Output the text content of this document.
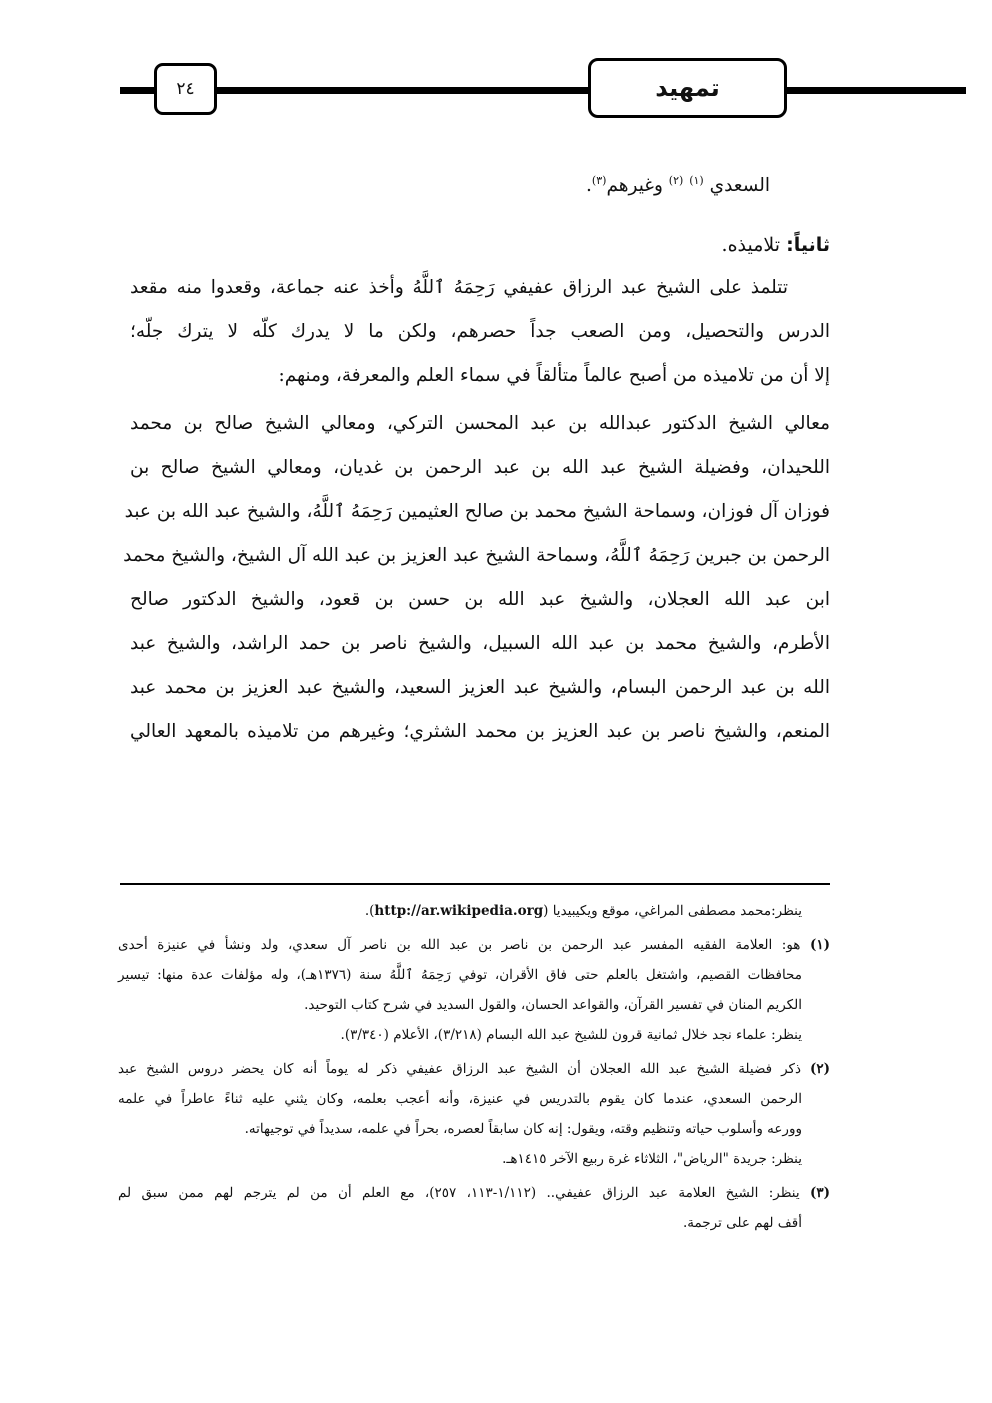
٢٤	تمهيد
السعدي $^{(١)}$ $^{(٢)}$ وغيرهم$^{(٣)}$.
ثانياً: تلاميذه.
تتلمذ على الشيخ عبد الرزاق عفيفي رَحِمَهُ ٱللَّهُ وأخذ عنه جماعة، وقعدوا منه مقعد
الدرس والتحصيل، ومن الصعب جداً حصرهم، ولكن ما لا يدرك كلّه لا يترك جلّه؛
إلا أن من تلاميذه من أصبح عالماً متألقاً في سماء العلم والمعرفة، ومنهم:
معالي الشيخ الدكتور عبدالله بن عبد المحسن التركي، ومعالي الشيخ صالح بن محمد
اللحيدان، وفضيلة الشيخ عبد الله بن عبد الرحمن بن غديان، ومعالي الشيخ صالح بن
فوزان آل فوزان، وسماحة الشيخ محمد بن صالح العثيمين رَحِمَهُ ٱللَّهُ، والشيخ عبد الله بن عبد
الرحمن بن جبرين رَحِمَهُ ٱللَّهُ، وسماحة الشيخ عبد العزيز بن عبد الله آل الشيخ، والشيخ محمد
ابن عبد الله العجلان، والشيخ عبد الله بن حسن بن قعود، والشيخ الدكتور صالح
الأطرم، والشيخ محمد بن عبد الله السبيل، والشيخ ناصر بن حمد الراشد، والشيخ عبد
الله بن عبد الرحمن البسام، والشيخ عبد العزيز السعيد، والشيخ عبد العزيز بن محمد عبد
المنعم، والشيخ ناصر بن عبد العزيز بن محمد الشثري؛ وغيرهم من تلاميذه بالمعهد العالي
ينظر:محمد مصطفى المراغي، موقع ويكيبيديا (http://ar.wikipedia.org).
(١) هو: العلامة الفقيه المفسر عبد الرحمن بن ناصر بن عبد الله بن ناصر آل سعدي، ولد ونشأ في عنيزة أحدى
محافظات القصيم، واشتغل بالعلم حتى فاق الأقران، توفي رَحِمَهُ ٱللَّهُ سنة (١٣٧٦هـ)، وله مؤلفات عدة منها: تيسير
الكريم المنان في تفسير القرآن، والقواعد الحسان، والقول السديد في شرح كتاب التوحيد.
ينظر: علماء نجد خلال ثمانية قرون للشيخ عبد الله البسام (٣/٢١٨)، الأعلام (٣/٣٤٠).
(٢) ذكر فضيلة الشيخ عبد الله العجلان أن الشيخ عبد الرزاق عفيفي ذكر له يوماً أنه كان يحضر دروس الشيخ عبد
الرحمن السعدي، عندما كان يقوم بالتدريس في عنيزة، وأنه أعجب بعلمه، وكان يثني عليه ثناءً عاطراً في علمه
وورعه وأسلوب حياته وتنظيم وقته، ويقول: إنه كان سابقاً لعصره، بحراً في علمه، سديداً في توجيهاته.
ينظر: جريدة "الرياض"، الثلاثاء غرة ربيع الآخر ١٤١٥هـ.
(٣) ينظر: الشيخ العلامة عبد الرزاق عفيفي.. (١/١١٢-١١٣، ٢٥٧)، مع العلم أن من لم يترجم لهم ممن سبق لم
أقف لهم على ترجمة.
